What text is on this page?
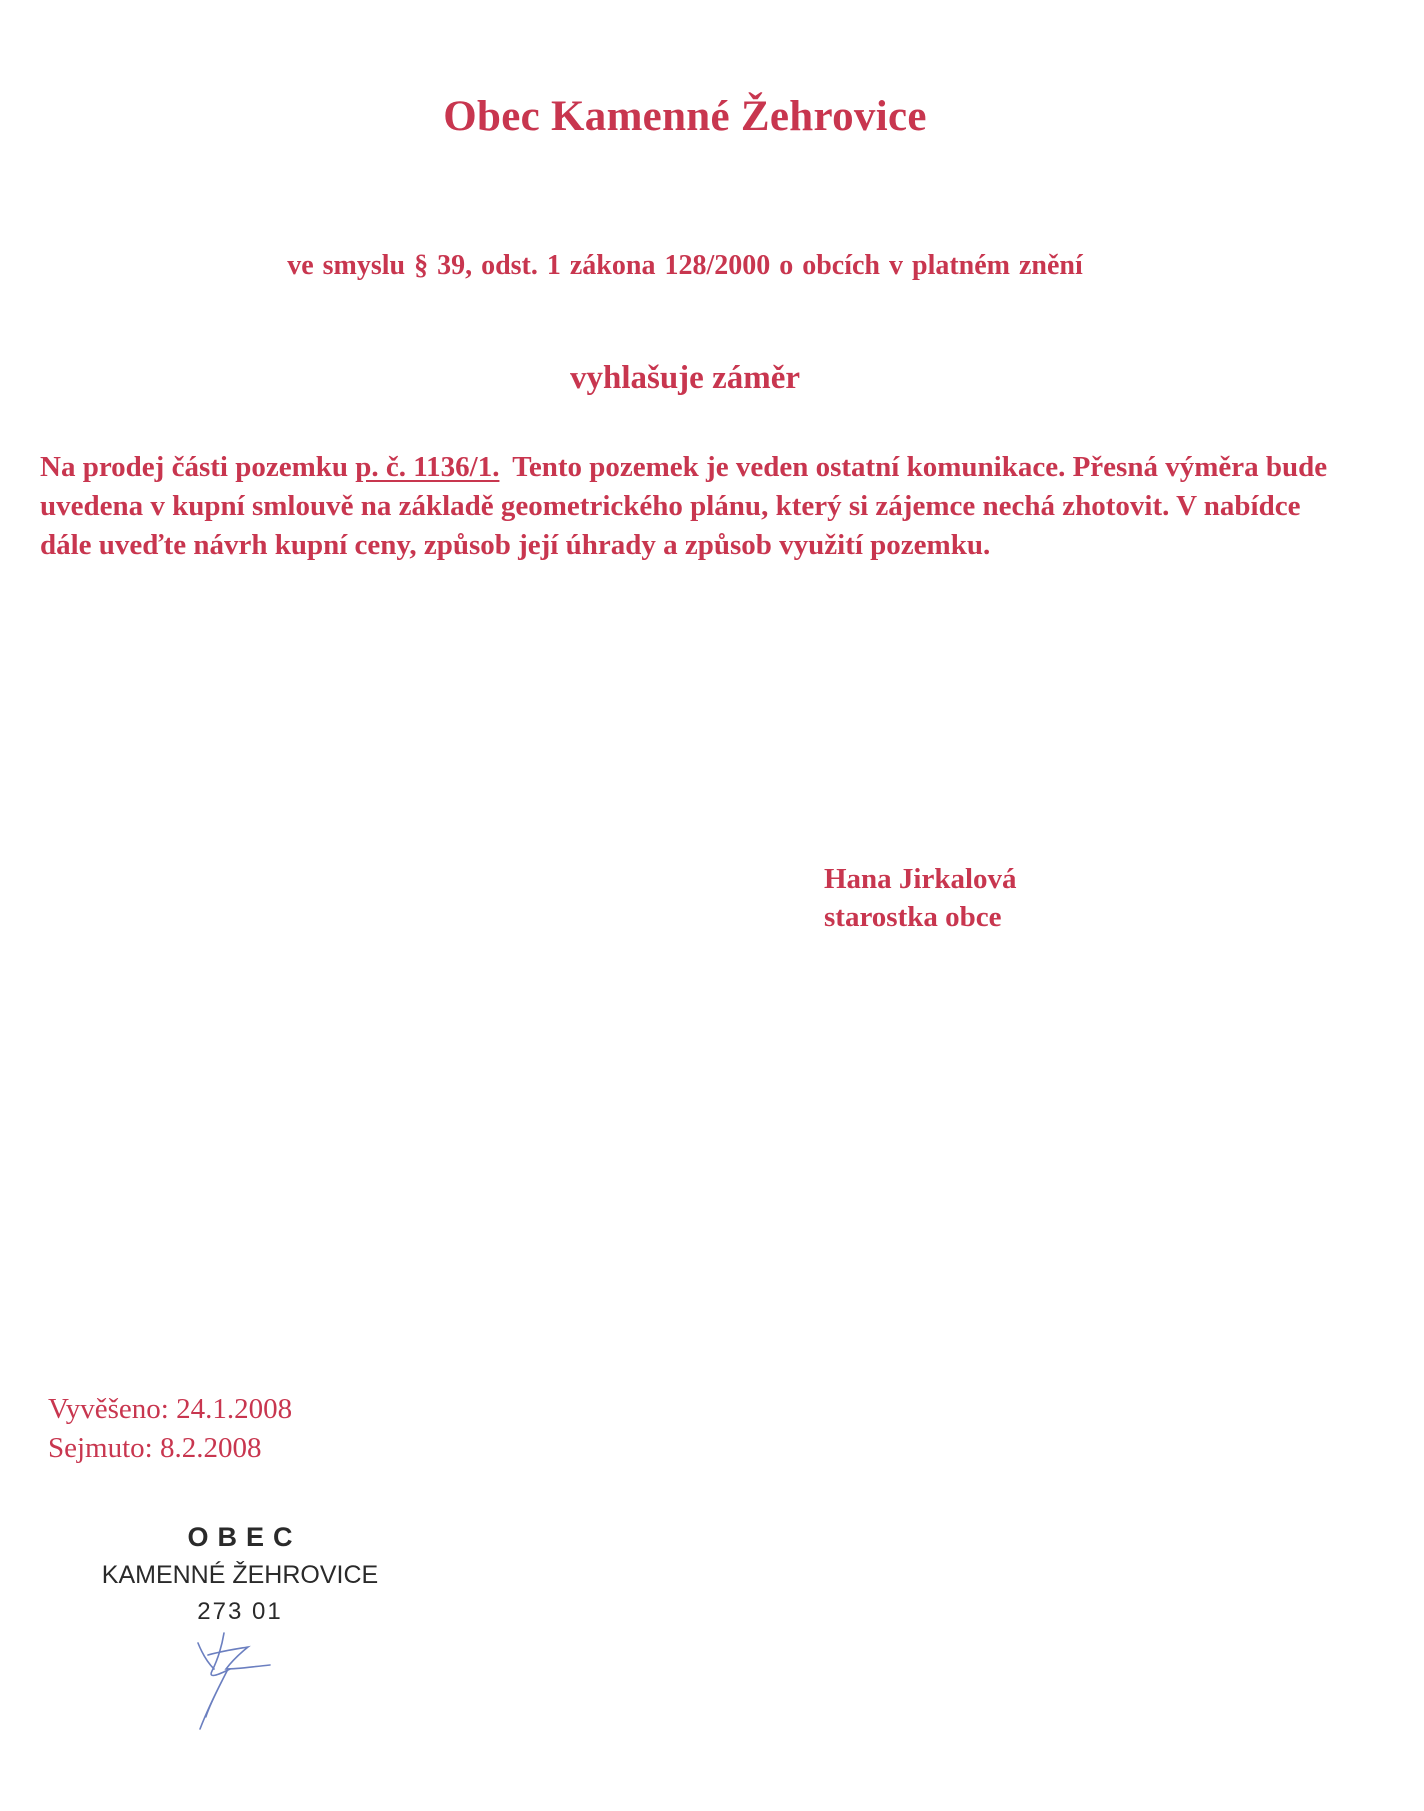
Obec Kamenné Žehrovice
ve smyslu § 39, odst. 1 zákona 128/2000 o obcích v platném znění
vyhlašuje záměr
Na prodej části pozemku p. č. 1136/1. Tento pozemek je veden ostatní komunikace. Přesná výměra bude uvedena v kupní smlouvě na základě geometrického plánu, který si zájemce nechá zhotovit. V nabídce dále uveďte návrh kupní ceny, způsob její úhrady a způsob využití pozemku.
Hana Jirkalová
starostka obce
Vyvěšeno: 24.1.2008
Sejmuto: 8.2.2008
OBEC
KAMENNÉ ŽEHROVICE
273 01
